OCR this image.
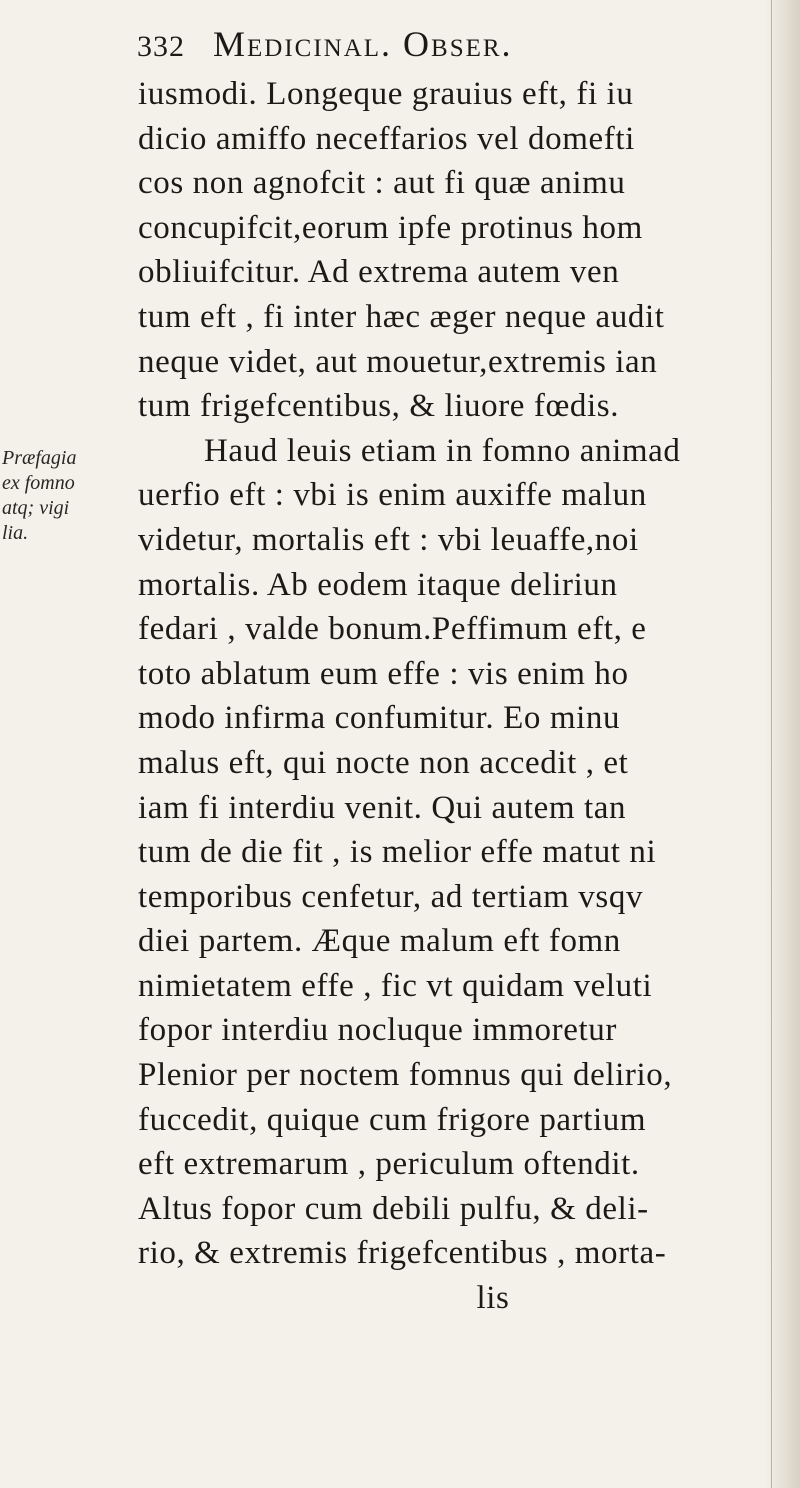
332 Medicinal. Obser.
Præfagia
ex fomno
atq; vigi
lia.
iusmodi. Longeque grauius eft, fi iu
dicio amiffo neceffarios vel domefti
cos non agnofcit : aut fi quæ animu
concupifcit,eorum ipfe protinus hom
obliuifcitur. Ad extrema autem ven
tum eft , fi inter hæc æger neque audit
neque videt, aut mouetur,extremis ian
tum frigefcentibus, & liuore fœdis.
Haud leuis etiam in fomno animad
uerfio eft : vbi is enim auxiffe malun
videtur, mortalis eft : vbi leuaffe,noi
mortalis. Ab eodem itaque deliriun
fedari , valde bonum.Peffimum eft, e
toto ablatum eum effe : vis enim ho
modo infirma confumitur. Eo minu
malus eft, qui nocte non accedit , et
iam fi interdiu venit. Qui autem tan
tum de die fit , is melior effe matut ni
temporibus cenfetur, ad tertiam vsqv
diei partem. Æque malum eft fomn
nimietatem effe , fic vt quidam veluti
fopor interdiu nocluque immoretur
Plenior per noctem fomnus qui delirio,
fuccedit, quique cum frigore partium
eft extremarum , periculum oftendit.
Altus fopor cum debili pulfu, & deli-
rio, & extremis frigefcentibus , morta-
lis
